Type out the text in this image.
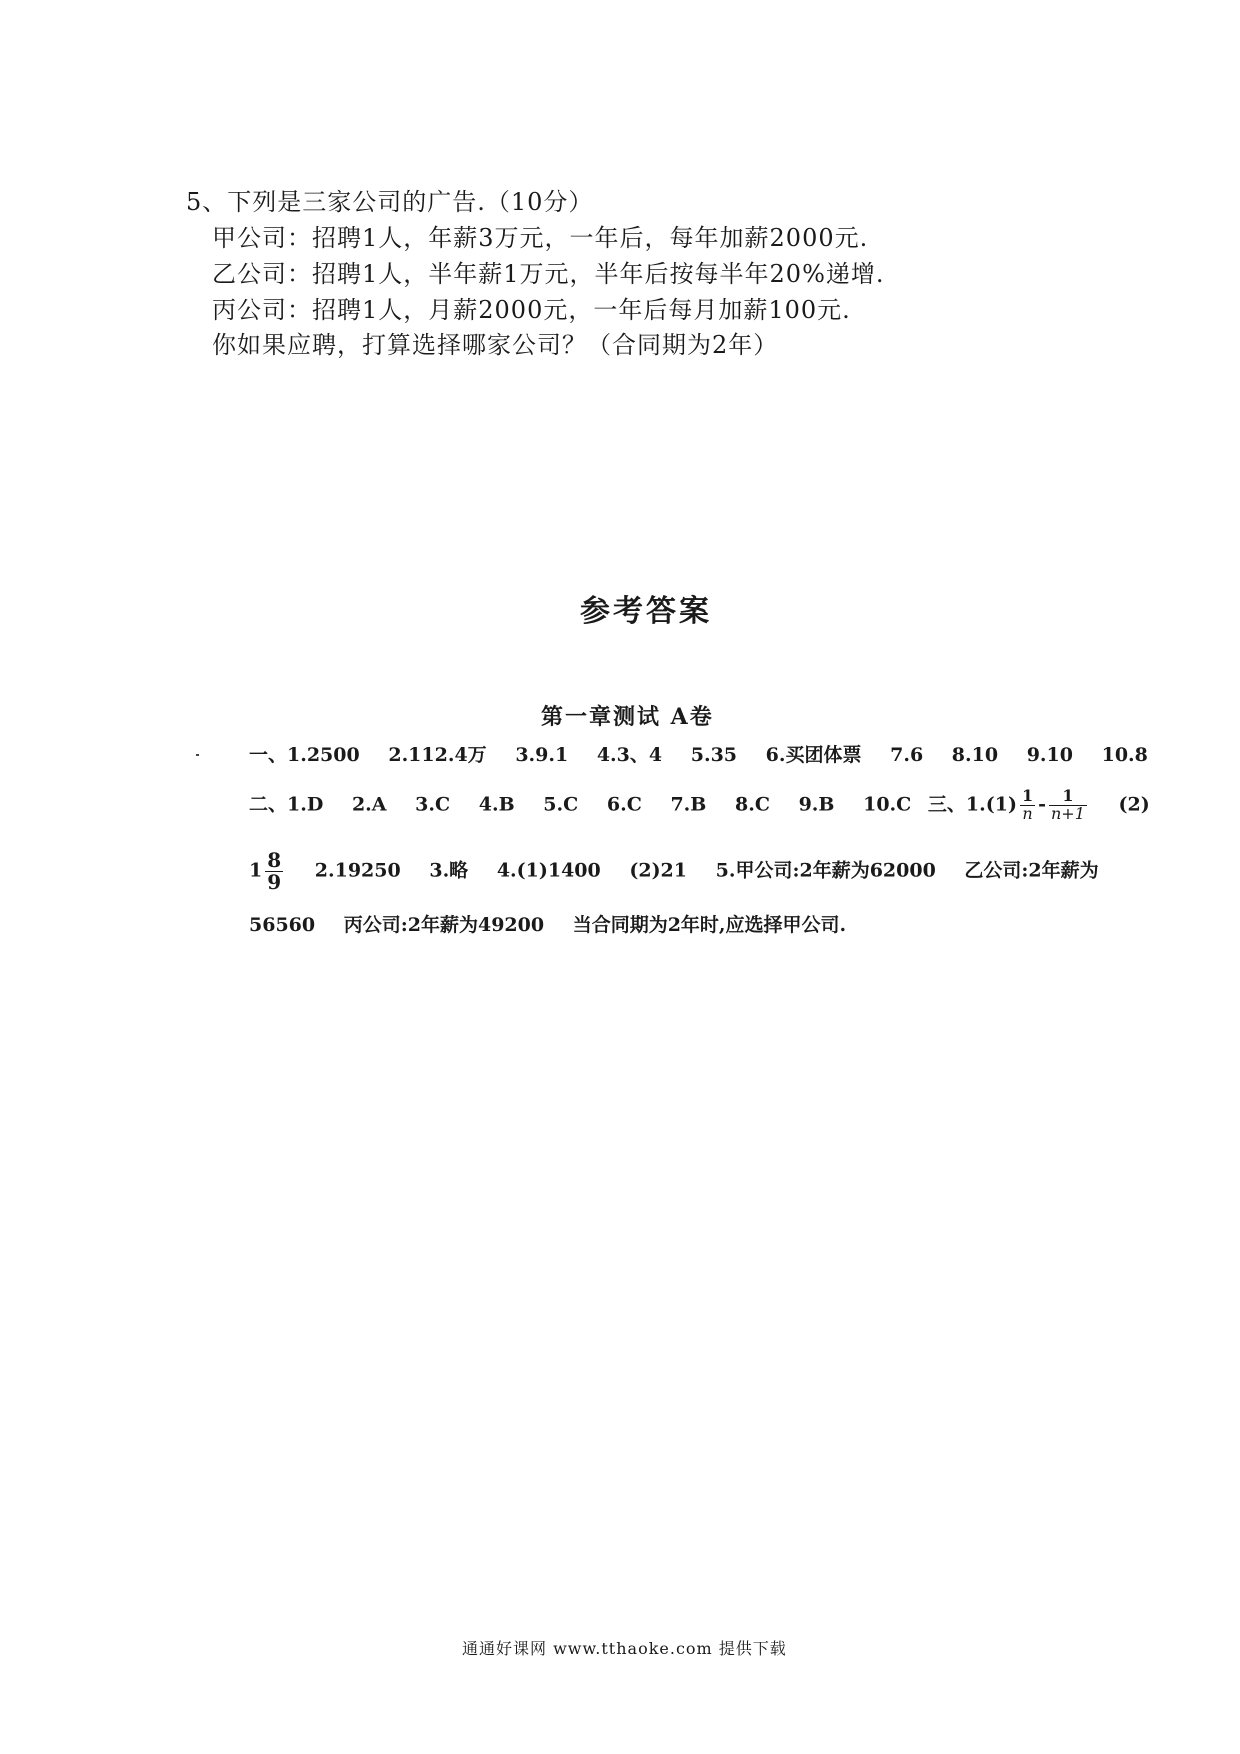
5、下列是三家公司的广告.（10分）
甲公司：招聘1人，年薪3万元，一年后，每年加薪2000元.
乙公司：招聘1人，半年薪1万元，半年后按每半年20%递增.
丙公司：招聘1人，月薪2000元，一年后每月加薪100元.
你如果应聘，打算选择哪家公司？（合同期为2年）
参考答案
第一章测试 A卷
一、1.2500 2.112.4万 3.9.1 4.3、4 5.35 6.买团体票 7.6 8.10 9.10 10.8
二、1.D 2.A 3.C 4.B 5.C 6.C 7.B 8.C 9.B 10.C 三、$1.(1) \frac{1}{n} - \frac{1}{n+1} (2)$
$1 \frac{8}{9} 2.19250$ 3.略 4.(1)1400 (2)21 5.甲公司:2年薪为62000 乙公司:2年薪为
56560 丙公司:2年薪为49200 当合同期为2年时,应选择甲公司.
通通好课网 www.tthaoke.com 提供下载
